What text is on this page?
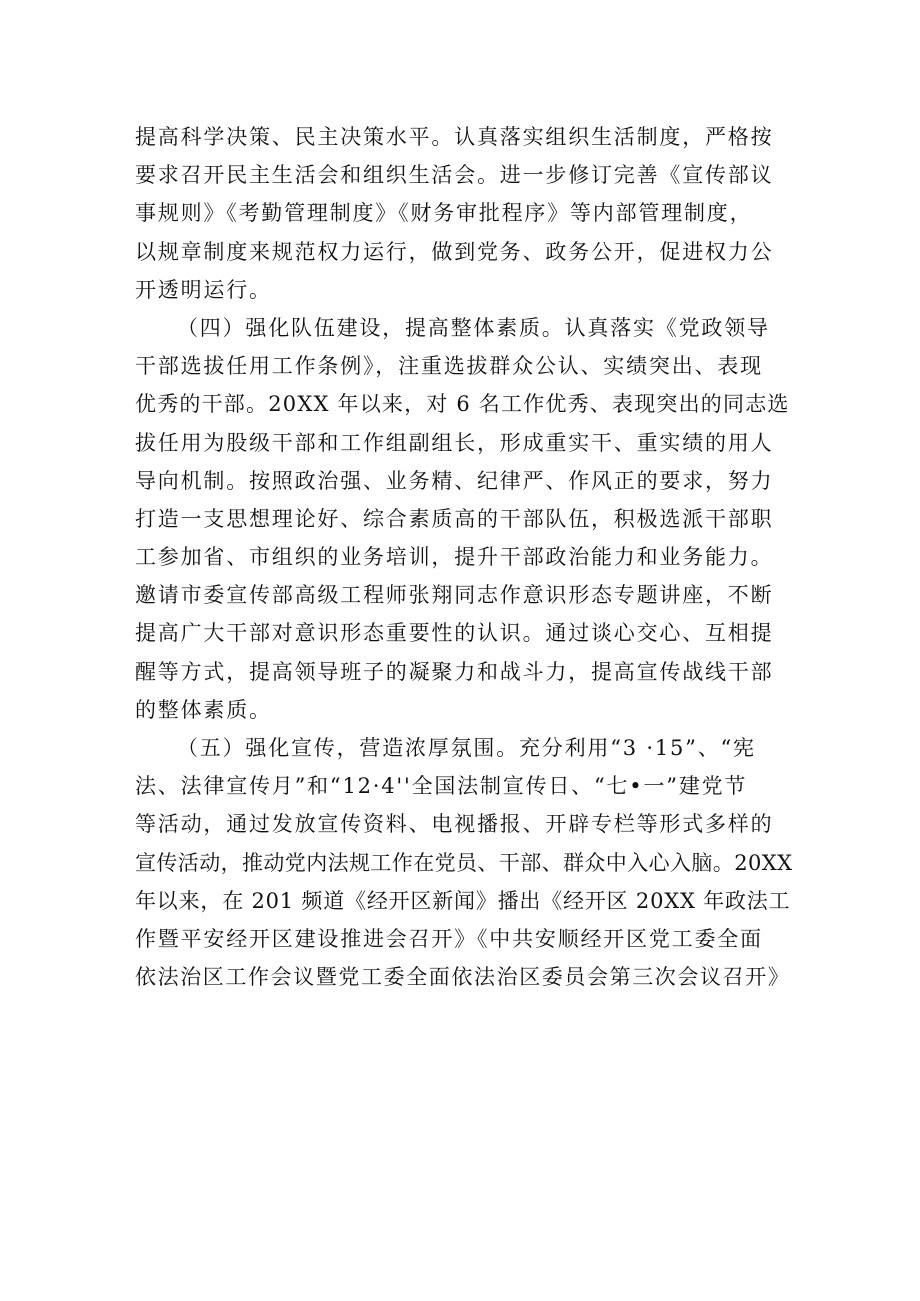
提高科学决策、民主决策水平。认真落实组织生活制度，严格按
要求召开民主生活会和组织生活会。进一步修订完善《宣传部议
事规则》《考勤管理制度》《财务审批程序》等内部管理制度，
以规章制度来规范权力运行，做到党务、政务公开，促进权力公
开透明运行。
（四）强化队伍建设，提高整体素质。认真落实《党政领导
干部选拔任用工作条例》，注重选拔群众公认、实绩突出、表现
优秀的干部。20XX 年以来，对 6 名工作优秀、表现突出的同志选
拔任用为股级干部和工作组副组长，形成重实干、重实绩的用人
导向机制。按照政治强、业务精、纪律严、作风正的要求，努力
打造一支思想理论好、综合素质高的干部队伍，积极选派干部职
工参加省、市组织的业务培训，提升干部政治能力和业务能力。
邀请市委宣传部高级工程师张翔同志作意识形态专题讲座，不断
提高广大干部对意识形态重要性的认识。通过谈心交心、互相提
醒等方式，提高领导班子的凝聚力和战斗力，提高宣传战线干部
的整体素质。
（五）强化宣传，营造浓厚氛围。充分利用“3 ·15”、“宪
法、法律宣传月”和“12·4''全国法制宣传日、“七•一”建党节
等活动，通过发放宣传资料、电视播报、开辟专栏等形式多样的
宣传活动，推动党内法规工作在党员、干部、群众中入心入脑。20XX
年以来，在 201 频道《经开区新闻》播出《经开区 20XX 年政法工
作暨平安经开区建设推进会召开》《中共安顺经开区党工委全面
依法治区工作会议暨党工委全面依法治区委员会第三次会议召开》
